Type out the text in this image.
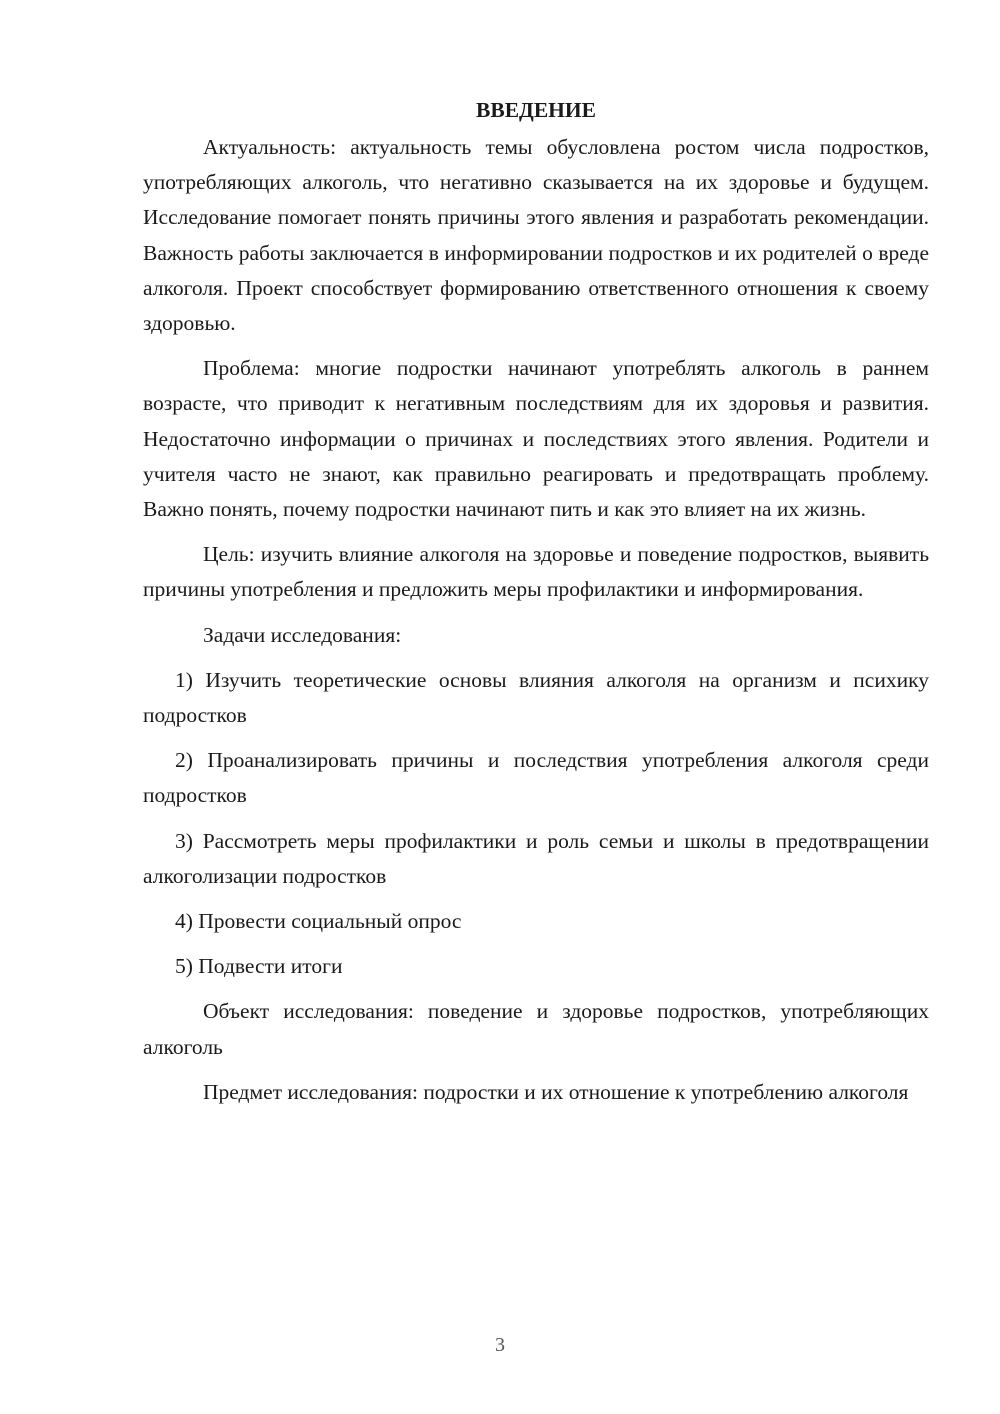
ВВЕДЕНИЕ

Актуальность: актуальность темы обусловлена ростом числа подростков, употребляющих алкоголь, что негативно сказывается на их здоровье и будущем. Исследование помогает понять причины этого явления и разработать рекомендации. Важность работы заключается в информировании подростков и их родителей о вреде алкоголя. Проект способствует формированию ответственного отношения к своему здоровью.

Проблема: многие подростки начинают употреблять алкоголь в раннем возрасте, что приводит к негативным последствиям для их здоровья и развития. Недостаточно информации о причинах и последствиях этого явления. Родители и учителя часто не знают, как правильно реагировать и предотвращать проблему. Важно понять, почему подростки начинают пить и как это влияет на их жизнь.

Цель: изучить влияние алкоголя на здоровье и поведение подростков, выявить причины употребления и предложить меры профилактики и информирования.

Задачи исследования:

1) Изучить теоретические основы влияния алкоголя на организм и психику подростков

2) Проанализировать причины и последствия употребления алкоголя среди подростков

3) Рассмотреть меры профилактики и роль семьи и школы в предотвращении алкоголизации подростков

4) Провести социальный опрос

5) Подвести итоги

Объект исследования: поведение и здоровье подростков, употребляющих алкоголь

Предмет исследования: подростки и их отношение к употреблению алкоголя

3
